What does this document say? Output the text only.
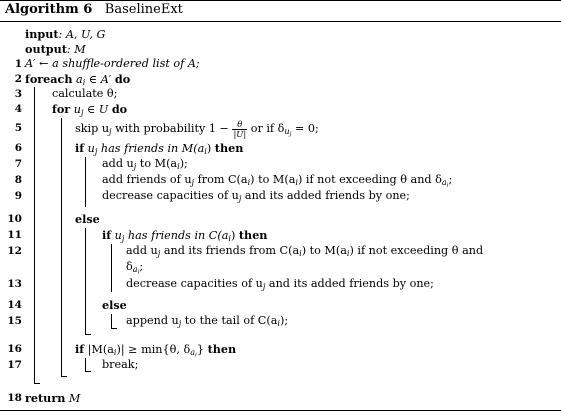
Algorithm 6 BaselineExt
input: A, U, G
output: M
1
2
3
4
5
6
7
8
9
10
11
12
13
14
15
16
17
18
A′ ← a shuffle-ordered list of A;
foreach $a_i$ ∈ A′ do
calculate θ;
for $u_j$ ∈ U do
skip $u_j$ with probability $1 - \frac{\theta}{|U|}$ or if $\delta_{u_j} = 0$;
if $u_j$ has friends in $M(a_i)$ then
add $u_j$ to $M(a_i)$;
add friends of $u_j$ from $C(a_i)$ to $M(a_i)$ if not exceeding θ and $\delta_{a_i}$;
decrease capacities of $u_j$ and its added friends by one;
else
if $u_j$ has friends in $C(a_i)$ then
add $u_j$ and its friends from $C(a_i)$ to $M(a_i)$ if not exceeding θ and
$\delta_{a_i}$;
decrease capacities of $u_j$ and its added friends by one;
else
append $u_j$ to the tail of $C(a_i)$;
if $|M(a_i)| \ge \min\{\theta$, $\delta_{a_i}$} then
break;
return M
